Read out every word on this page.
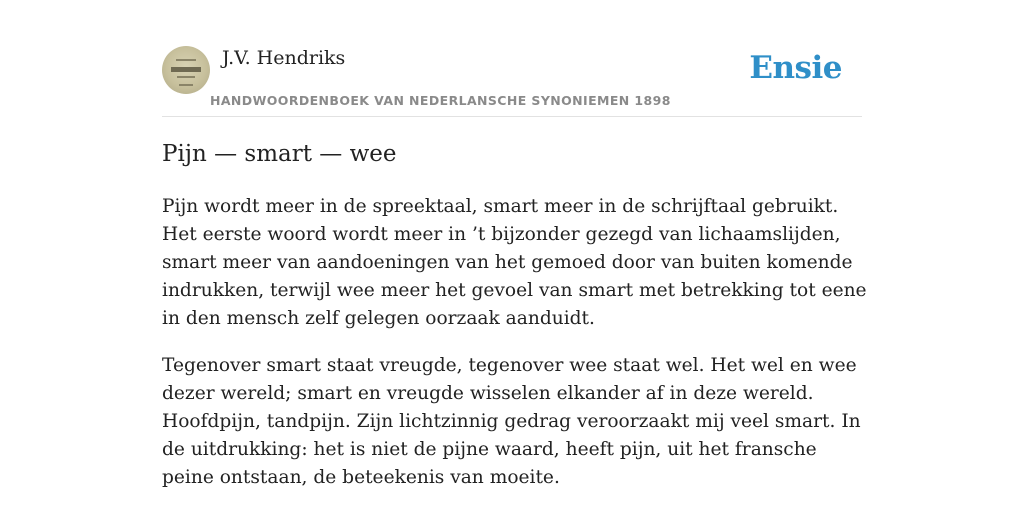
J.V. Hendriks
HANDWOORDENBOEK VAN NEDERLANSCHE SYNONIEMEN 1898
Ensie
Pijn — smart — wee

Pijn wordt meer in de spreektaal, smart meer in de schrijftaal gebruikt. Het eerste woord wordt meer in ’t bijzonder gezegd van lichaamslijden, smart meer van aandoeningen van het gemoed door van buiten komende indrukken, terwijl wee meer het gevoel van smart met betrekking tot eene in den mensch zelf gelegen oorzaak aanduidt.

Tegenover smart staat vreugde, tegenover wee staat wel. Het wel en wee dezer wereld; smart en vreugde wisselen elkander af in deze wereld. Hoofdpijn, tandpijn. Zijn lichtzinnig gedrag veroorzaakt mij veel smart. In de uitdrukking: het is niet de pijne waard, heeft pijn, uit het fransche peine ontstaan, de beteekenis van moeite.
